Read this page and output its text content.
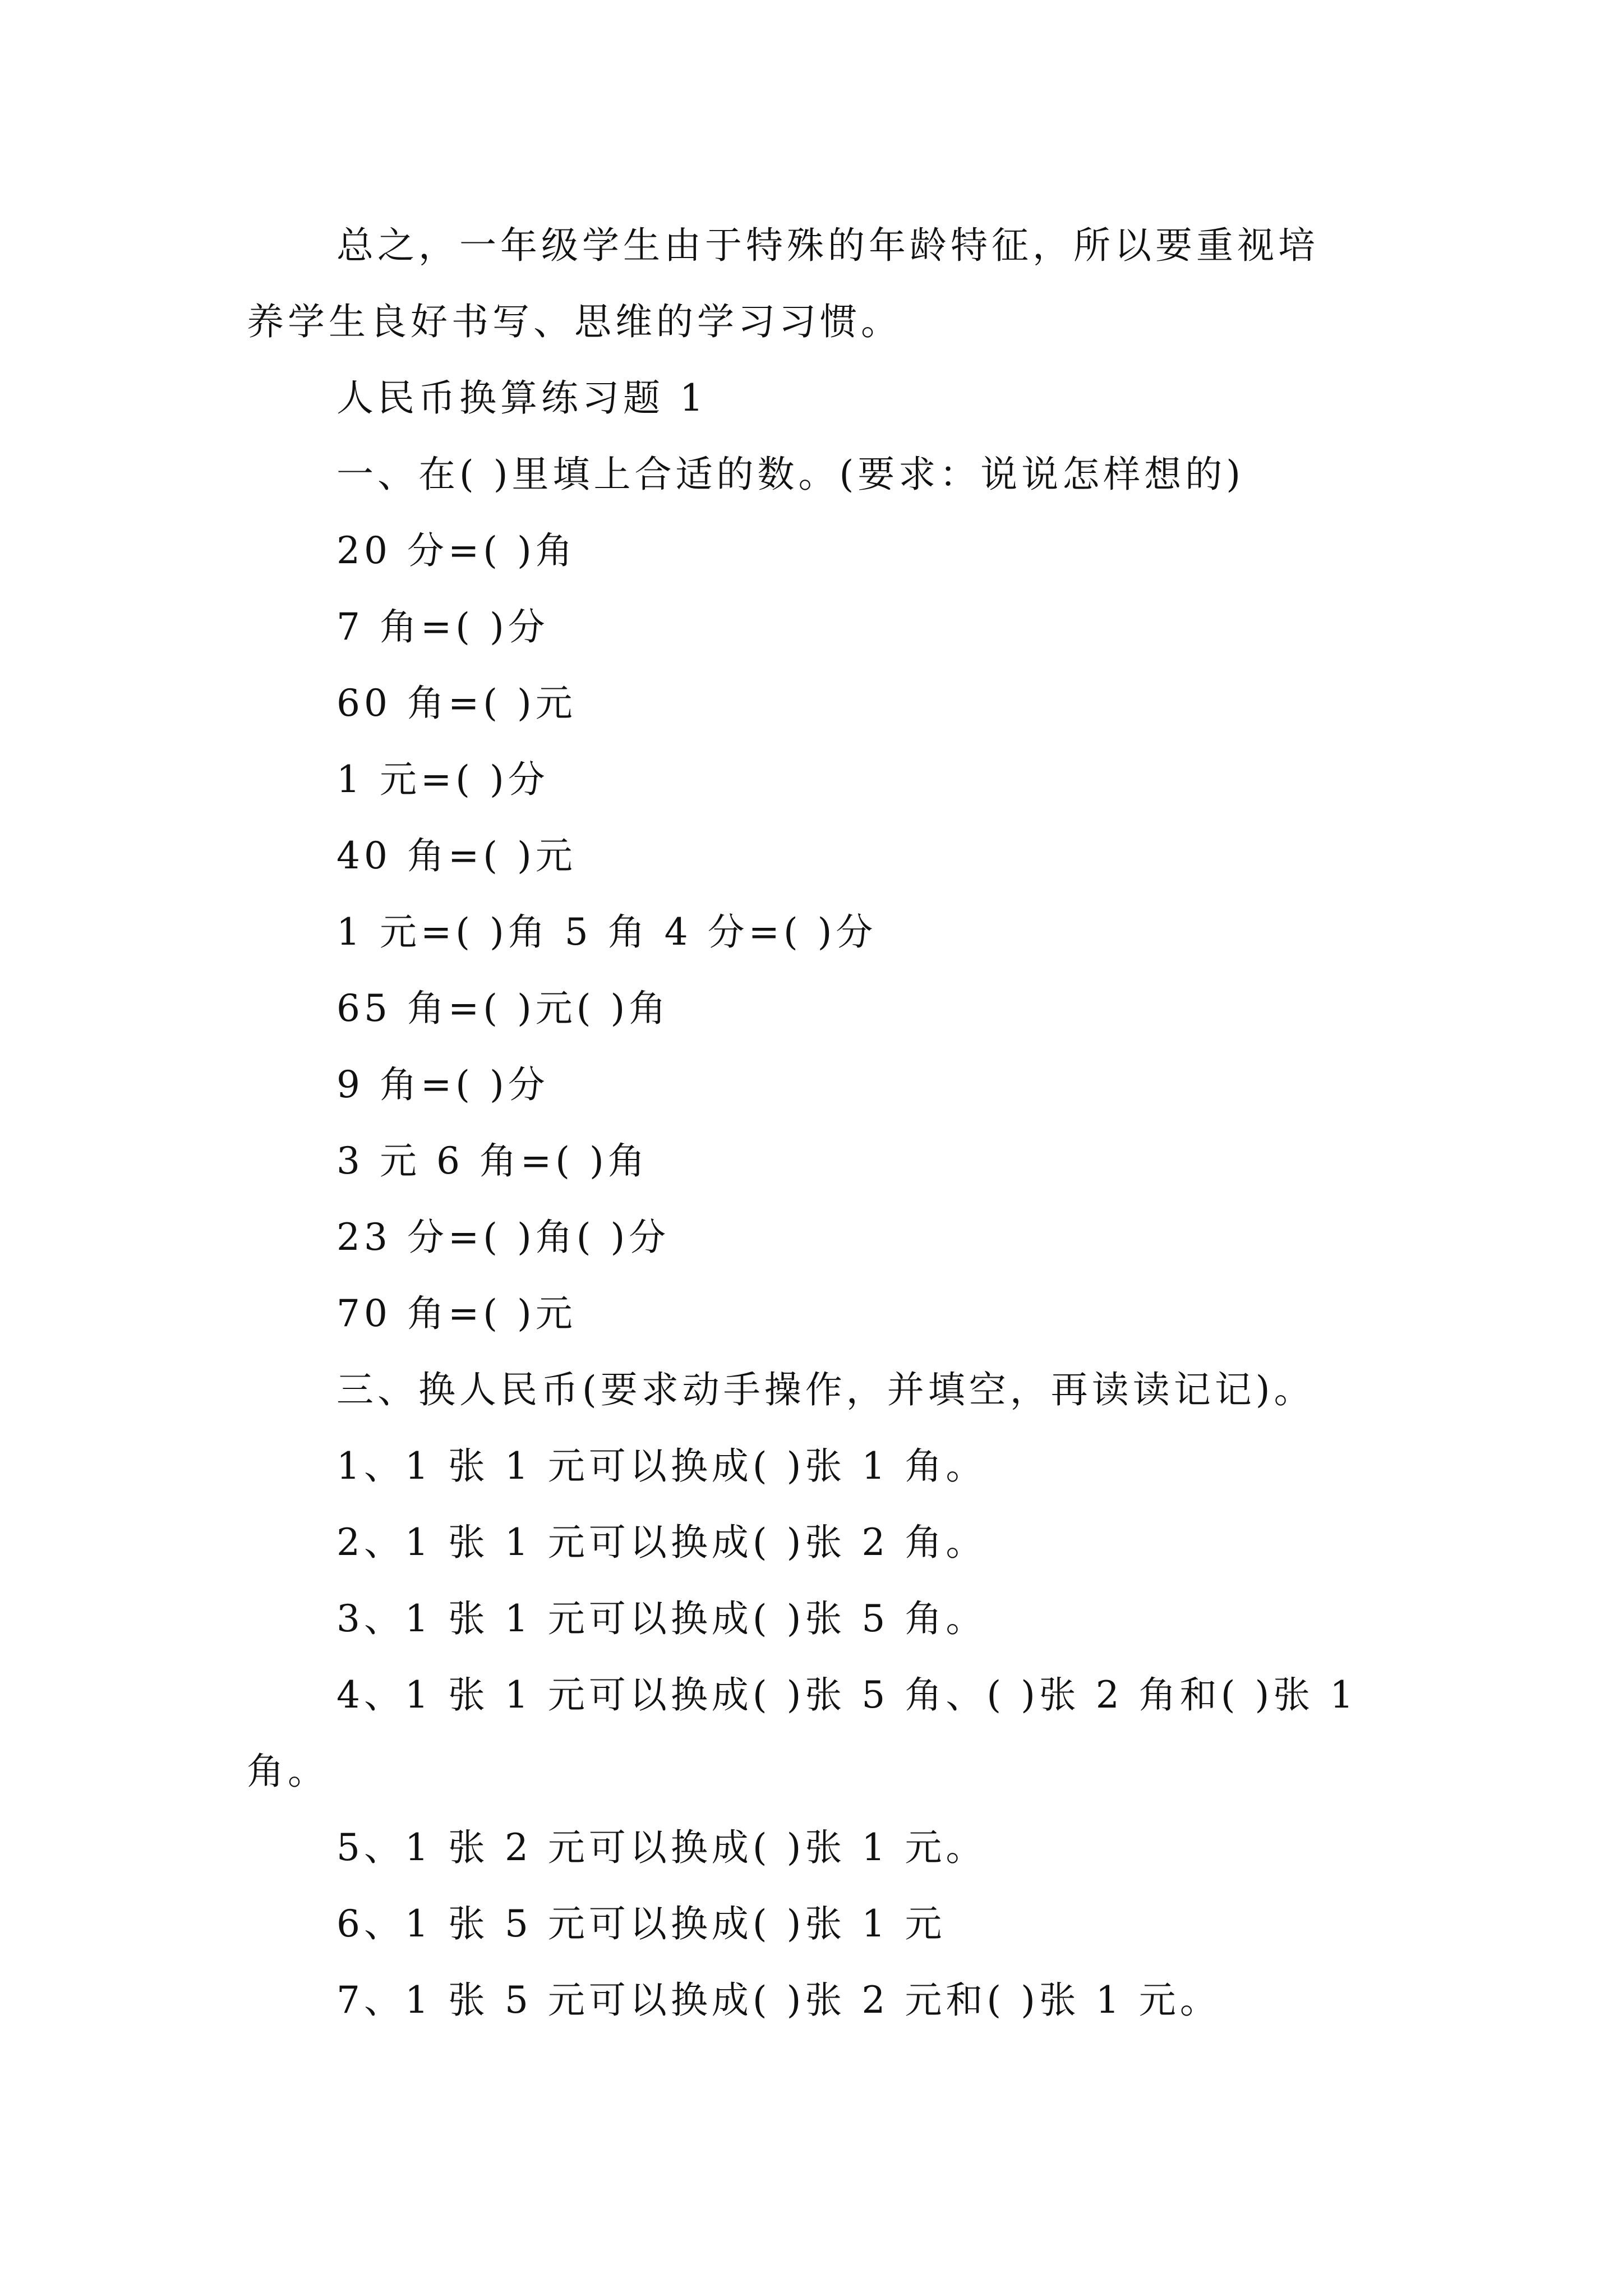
总之，一年级学生由于特殊的年龄特征，所以要重视培
养学生良好书写、思维的学习习惯。
人民币换算练习题 1
一、在( )里填上合适的数。(要求：说说怎样想的)
20 分=( )角
7 角=( )分
60 角=( )元
1 元=( )分
40 角=( )元
1 元=( )角 5 角 4 分=( )分
65 角=( )元( )角
9 角=( )分
3 元 6 角=( )角
23 分=( )角( )分
70 角=( )元
三、换人民币(要求动手操作，并填空，再读读记记)。
1、1 张 1 元可以换成( )张 1 角。
2、1 张 1 元可以换成( )张 2 角。
3、1 张 1 元可以换成( )张 5 角。
4、1 张 1 元可以换成( )张 5 角、( )张 2 角和( )张 1
角。
5、1 张 2 元可以换成( )张 1 元。
6、1 张 5 元可以换成( )张 1 元
7、1 张 5 元可以换成( )张 2 元和( )张 1 元。
